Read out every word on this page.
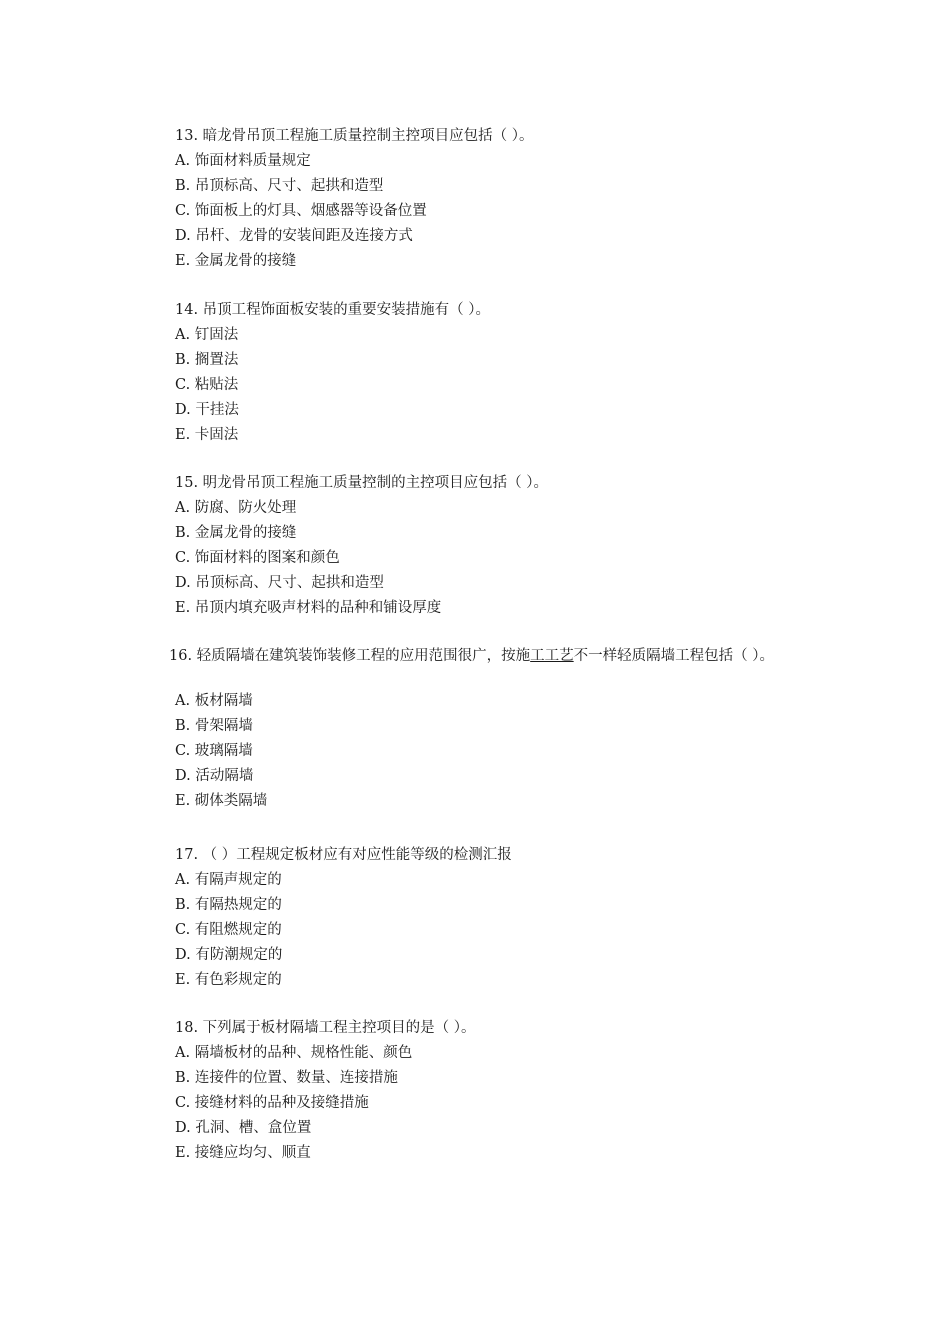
13. 暗龙骨吊顶工程施工质量控制主控项目应包括（ ）。

A. 饰面材料质量规定
B. 吊顶标高、尺寸、起拱和造型
C. 饰面板上的灯具、烟感器等设备位置
D. 吊杆、龙骨的安装间距及连接方式
E. 金属龙骨的接缝

14. 吊顶工程饰面板安装的重要安装措施有（ ）。

A. 钉固法
B. 搁置法
C. 粘贴法
D. 干挂法
E. 卡固法

15. 明龙骨吊顶工程施工质量控制的主控项目应包括（ ）。

A. 防腐、防火处理
B. 金属龙骨的接缝
C. 饰面材料的图案和颜色
D. 吊顶标高、尺寸、起拱和造型
E. 吊顶内填充吸声材料的品种和铺设厚度

16. 轻质隔墙在建筑装饰装修工程的应用范围很广，按施工工艺不一样轻质隔墙工程包括（ ）。

A. 板材隔墙
B. 骨架隔墙
C. 玻璃隔墙
D. 活动隔墙
E. 砌体类隔墙

17. （ ）工程规定板材应有对应性能等级的检测汇报

A. 有隔声规定的
B. 有隔热规定的
C. 有阻燃规定的
D. 有防潮规定的
E. 有色彩规定的

18. 下列属于板材隔墙工程主控项目的是（ ）。

A. 隔墙板材的品种、规格性能、颜色
B. 连接件的位置、数量、连接措施
C. 接缝材料的品种及接缝措施
D. 孔洞、槽、盒位置
E. 接缝应均匀、顺直
